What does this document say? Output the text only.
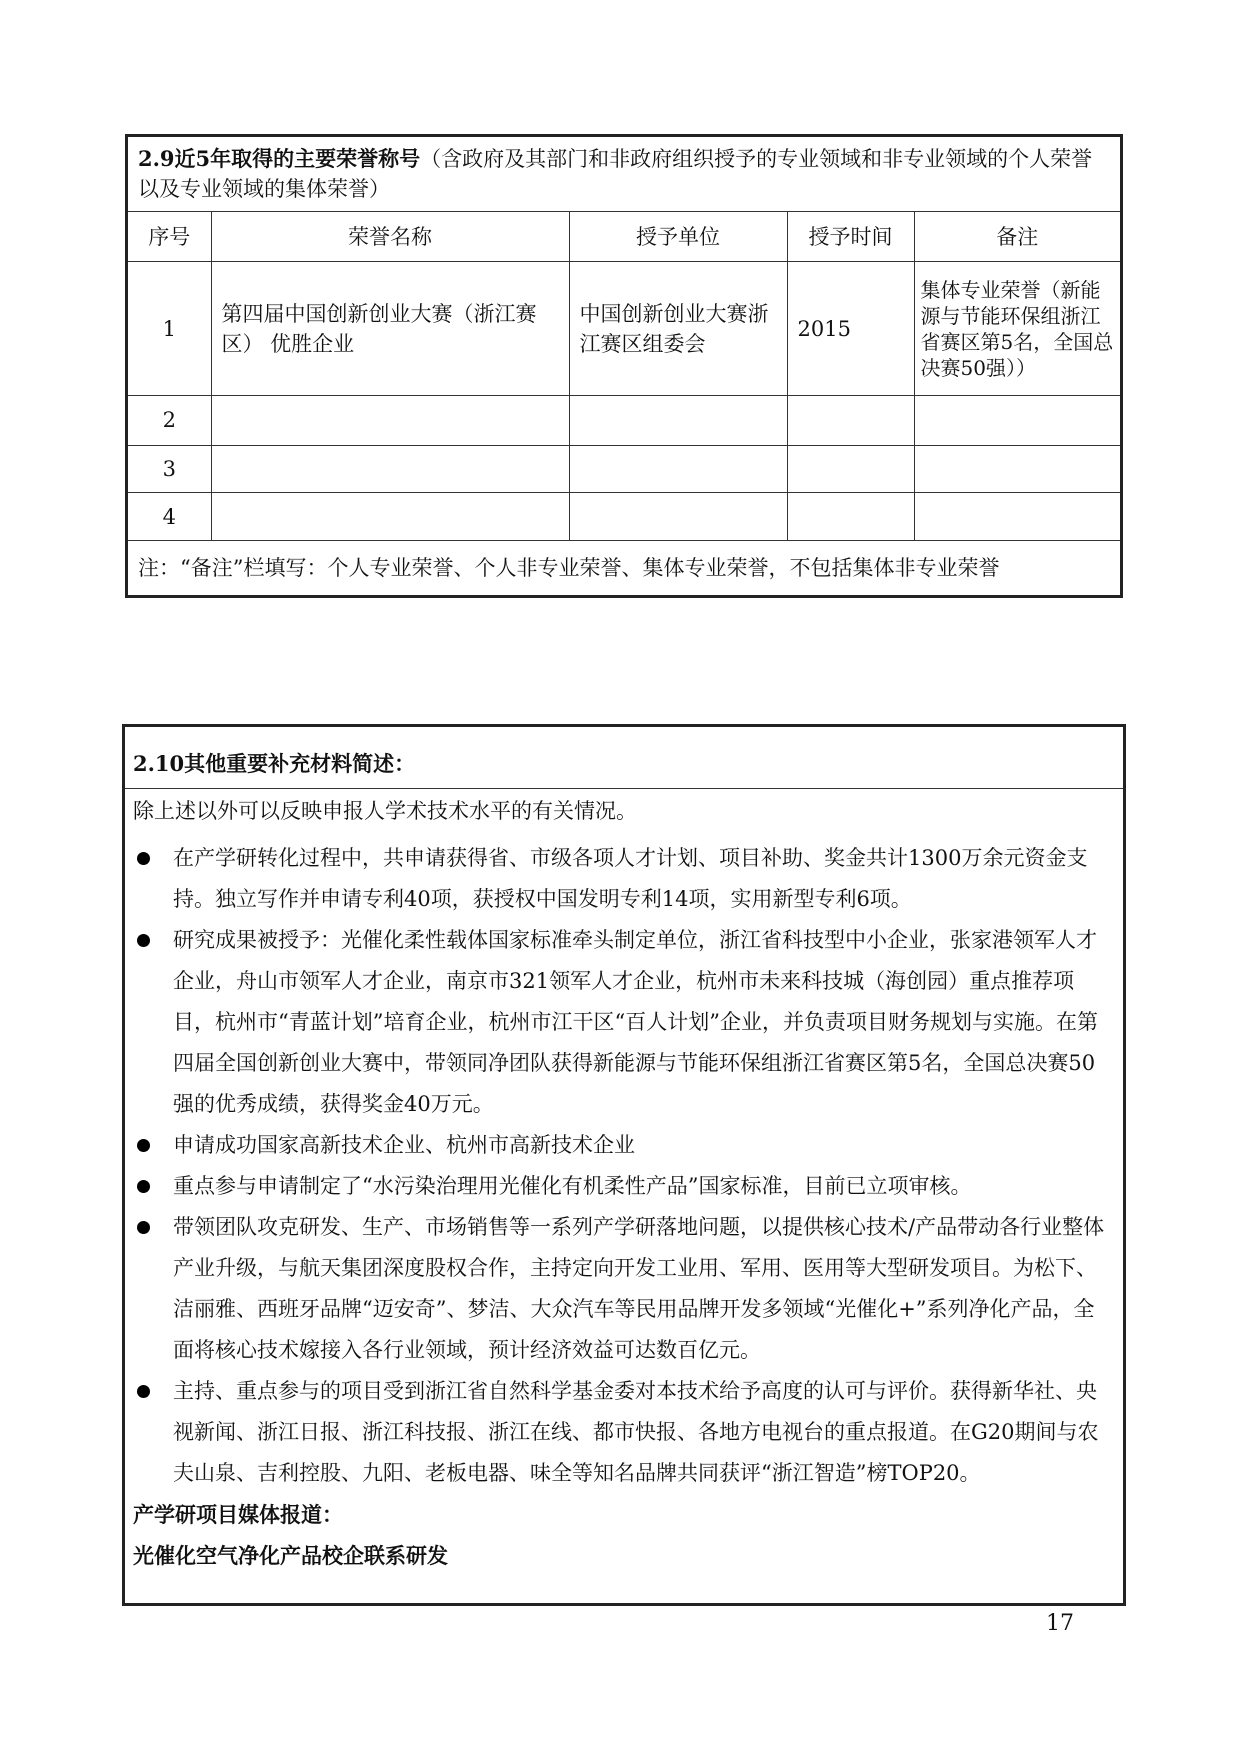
2.9近5年取得的主要荣誉称号（含政府及其部门和非政府组织授予的专业领域和非专业领域的个人荣誉以及专业领域的集体荣誉）				
序号	荣誉名称	授予单位	授予时间	备注
1	第四届中国创新创业大赛（浙江赛区） 优胜企业	中国创新创业大赛浙江赛区组委会	2015	集体专业荣誉（新能源与节能环保组浙江省赛区第5名，全国总决赛50强））
2				
3				
4				
注：“备注”栏填写：个人专业荣誉、个人非专业荣誉、集体专业荣誉，不包括集体非专业荣誉				
2.10其他重要补充材料简述：
除上述以外可以反映申报人学术技术水平的有关情况。
在产学研转化过程中，共申请获得省、市级各项人才计划、项目补助、奖金共计1300万余元资金支持。独立写作并申请专利40项，获授权中国发明专利14项，实用新型专利6项。
研究成果被授予：光催化柔性载体国家标准牵头制定单位，浙江省科技型中小企业，张家港领军人才企业，舟山市领军人才企业，南京市321领军人才企业，杭州市未来科技城（海创园）重点推荐项目，杭州市“青蓝计划”培育企业，杭州市江干区“百人计划”企业，并负责项目财务规划与实施。在第四届全国创新创业大赛中，带领同净团队获得新能源与节能环保组浙江省赛区第5名，全国总决赛50强的优秀成绩，获得奖金40万元。
申请成功国家高新技术企业、杭州市高新技术企业
重点参与申请制定了“水污染治理用光催化有机柔性产品”国家标准，目前已立项审核。
带领团队攻克研发、生产、市场销售等一系列产学研落地问题，以提供核心技术/产品带动各行业整体产业升级，与航天集团深度股权合作，主持定向开发工业用、军用、医用等大型研发项目。为松下、洁丽雅、西班牙品牌“迈安奇”、梦洁、大众汽车等民用品牌开发多领域“光催化+”系列净化产品，全面将核心技术嫁接入各行业领域，预计经济效益可达数百亿元。
主持、重点参与的项目受到浙江省自然科学基金委对本技术给予高度的认可与评价。获得新华社、央视新闻、浙江日报、浙江科技报、浙江在线、都市快报、各地方电视台的重点报道。在G20期间与农夫山泉、吉利控股、九阳、老板电器、味全等知名品牌共同获评“浙江智造”榜TOP20。
产学研项目媒体报道：
光催化空气净化产品校企联系研发
17
